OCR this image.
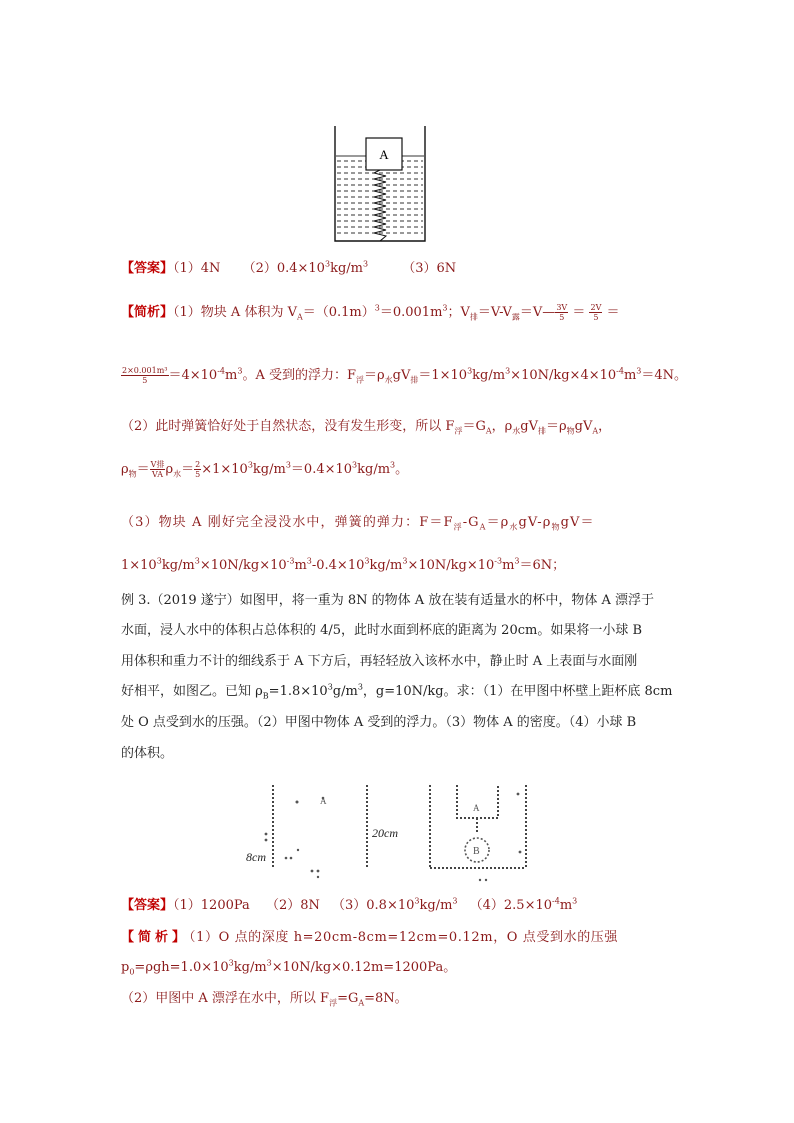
A
【答案】（1）4N $(2)0.4\times 10^3kg/m^3$	（3）6N
【简析】（1）物块 A 体积为 $V_A=(0.1m)^3=0.001m^3$；$V_排=V-V_露=V— \frac{3V}{5} = \frac{2V}{5}$ ＝
$\frac{\text{2×0.001m³}}{5} =4\times 10^{-4}m^3$。A 受到的浮力：$F_浮=\rho_水gV_排=1\times 10^3kg/m^3\times 10N/kg\times 4\times 10^{-4}m^3=4N$。
（2）此时弹簧恰好处于自然状态，没有发生形变，所以 $F_浮=G_A$，$\rho_水gV_排=\rho_物gV_A$，
$\rho_物= \frac{\text{V排}}{VA} \rho_水= \frac{2}{5} \times 1\times 10^3kg/m^3=0.4\times 10^3kg/m^3$。
（3）物块 A 刚好完全浸没水中，弹簧的弹力：$F=F_浮-G_A=\rho_水gV-\rho_物gV=$
$1\times 10^3kg/m^3\times 10N/kg\times 10^{-3}m^3-0.4\times 10^3kg/m^3\times 10N/kg\times 10^{-3}m^3=6N$；
例 3.（2019 遂宁）如图甲，将一重为 8N 的物体 A 放在装有适量水的杯中，物体 A 漂浮于
水面，浸人水中的体积占总体积的 4/5，此时水面到杯底的距离为 20cm。如果将一小球 B
用体积和重力不计的细线系于 A 下方后，再轻轻放入该杯水中，静止时 A 上表面与水面刚
好相平，如图乙。已知 $\rho_B=1.8\times 10^3g/m^3$，g=10N/kg。求：（1）在甲图中杯壁上距杯底 8cm
处 O 点受到水的压强。（2）甲图中物体 A 受到的浮力。（3）物体 A 的密度。（4）小球 B
的体积。
A
8cm
20cm
B
A
【答案】（1）1200Pa （2）8N $(3)0.8\times 10^3kg/m^3$ $(4)2.5\times 10^{-4}m^3$
【简析】（1）O 点的深度 h=20cm-8cm=12cm=0.12m，O 点受到水的压强
$p_0=\rho gh=1.0\times 10^3kg/m^3\times 10N/kg\times 0.12m=1200Pa$。
（2）甲图中 A 漂浮在水中，所以 $F_浮=G_A=8N$。
